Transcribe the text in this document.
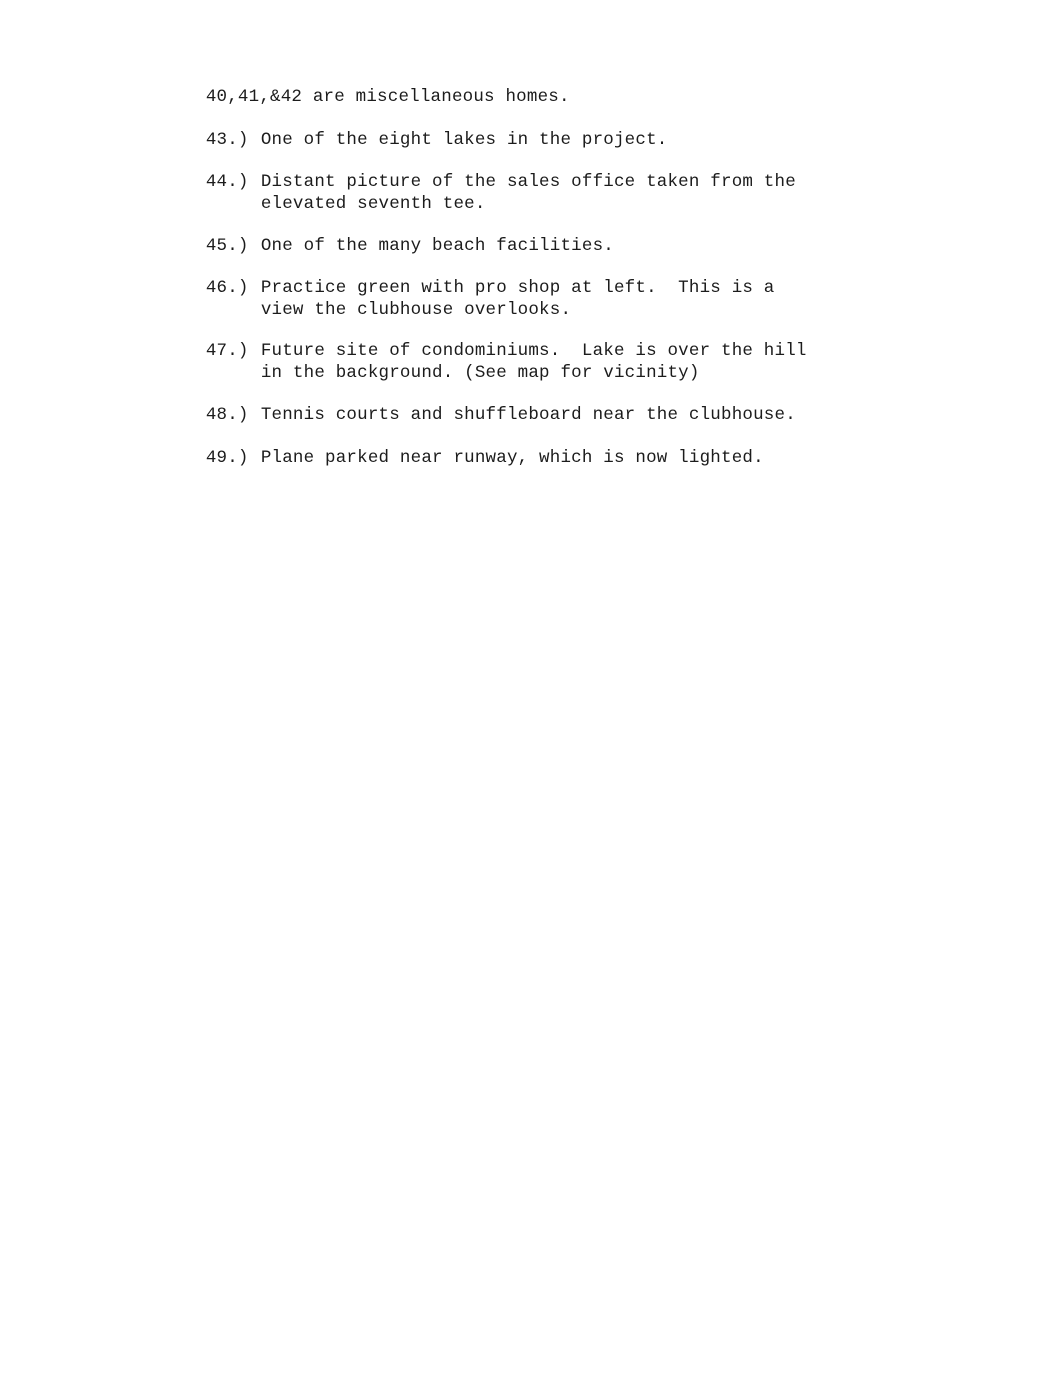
40,41,&42 are miscellaneous homes.

43.) One of the eight lakes in the project.

44.) Distant picture of the sales office taken from the
elevated seventh tee.

45.) One of the many beach facilities.

46.) Practice green with pro shop at left.  This is a
view the clubhouse overlooks.

47.) Future site of condominiums.  Lake is over the hill
in the background. (See map for vicinity)

48.) Tennis courts and shuffleboard near the clubhouse.

49.) Plane parked near runway, which is now lighted.
